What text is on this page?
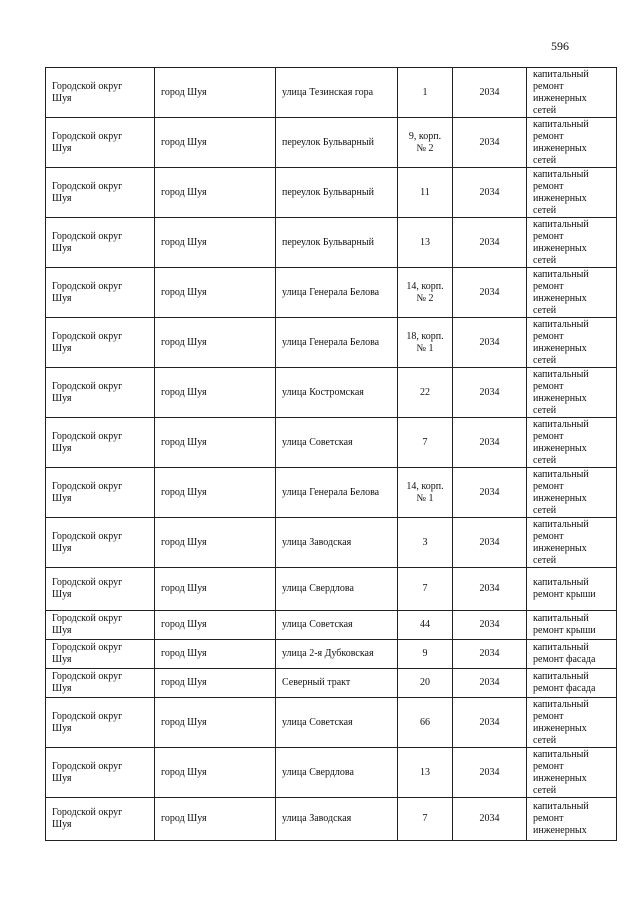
596
Городской округ
Шуя	город Шуя	улица Тезинская гора	1	2034	капитальный
ремонт
инженерных
сетей
Городской округ
Шуя	город Шуя	переулок Бульварный	9, корп.
№ 2	2034	капитальный
ремонт
инженерных
сетей
Городской округ
Шуя	город Шуя	переулок Бульварный	11	2034	капитальный
ремонт
инженерных
сетей
Городской округ
Шуя	город Шуя	переулок Бульварный	13	2034	капитальный
ремонт
инженерных
сетей
Городской округ
Шуя	город Шуя	улица Генерала Белова	14, корп.
№ 2	2034	капитальный
ремонт
инженерных
сетей
Городской округ
Шуя	город Шуя	улица Генерала Белова	18, корп.
№ 1	2034	капитальный
ремонт
инженерных
сетей
Городской округ
Шуя	город Шуя	улица Костромская	22	2034	капитальный
ремонт
инженерных
сетей
Городской округ
Шуя	город Шуя	улица Советская	7	2034	капитальный
ремонт
инженерных
сетей
Городской округ
Шуя	город Шуя	улица Генерала Белова	14, корп.
№ 1	2034	капитальный
ремонт
инженерных
сетей
Городской округ
Шуя	город Шуя	улица Заводская	3	2034	капитальный
ремонт
инженерных
сетей
Городской округ
Шуя	город Шуя	улица Свердлова	7	2034	капитальный
ремонт крыши
Городской округ
Шуя	город Шуя	улица Советская	44	2034	капитальный
ремонт крыши
Городской округ
Шуя	город Шуя	улица 2-я Дубковская	9	2034	капитальный
ремонт фасада
Городской округ
Шуя	город Шуя	Северный тракт	20	2034	капитальный
ремонт фасада
Городской округ
Шуя	город Шуя	улица Советская	66	2034	капитальный
ремонт
инженерных
сетей
Городской округ
Шуя	город Шуя	улица Свердлова	13	2034	капитальный
ремонт
инженерных
сетей
Городской округ
Шуя	город Шуя	улица Заводская	7	2034	капитальный
ремонт
инженерных
